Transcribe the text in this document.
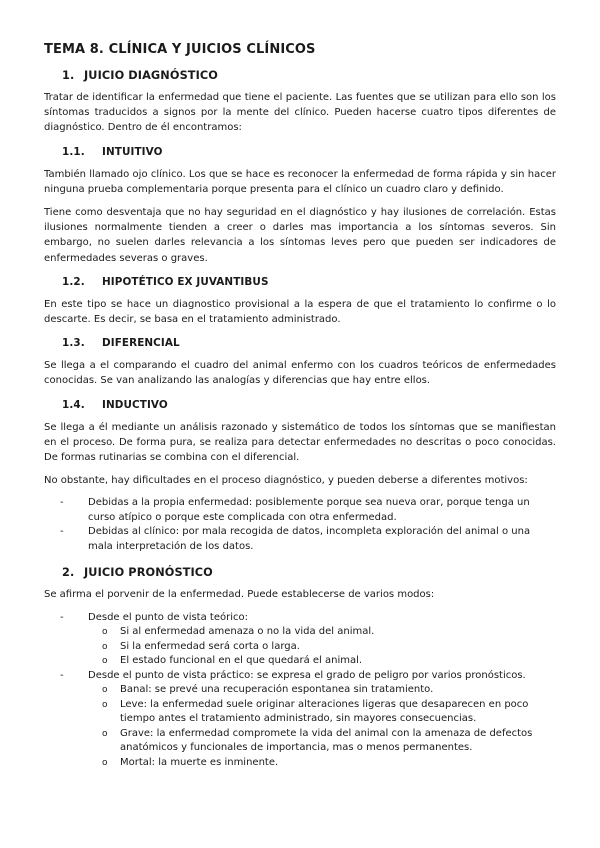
TEMA 8. CLÍNICA Y JUICIOS CLÍNICOS
1. JUICIO DIAGNÓSTICO

Tratar de identificar la enfermedad que tiene el paciente. Las fuentes que se utilizan para ello son los síntomas traducidos a signos por la mente del clínico. Pueden hacerse cuatro tipos diferentes de diagnóstico. Dentro de él encontramos:

1.1. INTUITIVO

También llamado ojo clínico. Los que se hace es reconocer la enfermedad de forma rápida y sin hacer ninguna prueba complementaria porque presenta para el clínico un cuadro claro y definido.

Tiene como desventaja que no hay seguridad en el diagnóstico y hay ilusiones de correlación. Estas ilusiones normalmente tienden a creer o darles mas importancia a los síntomas severos. Sin embargo, no suelen darles relevancia a los síntomas leves pero que pueden ser indicadores de enfermedades severas o graves.

1.2. HIPOTÉTICO EX JUVANTIBUS

En este tipo se hace un diagnostico provisional a la espera de que el tratamiento lo confirme o lo descarte. Es decir, se basa en el tratamiento administrado.

1.3. DIFERENCIAL

Se llega a el comparando el cuadro del animal enfermo con los cuadros teóricos de enfermedades conocidas. Se van analizando las analogías y diferencias que hay entre ellos.

1.4. INDUCTIVO

Se llega a él mediante un análisis razonado y sistemático de todos los síntomas que se manifiestan en el proceso. De forma pura, se realiza para detectar enfermedades no descritas o poco conocidas. De formas rutinarias se combina con el diferencial.

No obstante, hay dificultades en el proceso diagnóstico, y pueden deberse a diferentes motivos:

- Debidas a la propia enfermedad: posiblemente porque sea nueva orar, porque tenga un curso atípico o porque este complicada con otra enfermedad.
- Debidas al clínico: por mala recogida de datos, incompleta exploración del animal o una mala interpretación de los datos.
2. JUICIO PRONÓSTICO

Se afirma el porvenir de la enfermedad. Puede establecerse de varios modos:

- Desde el punto de vista teórico:
o Si al enfermedad amenaza o no la vida del animal.
o Si la enfermedad será corta o larga.
o El estado funcional en el que quedará el animal.
- Desde el punto de vista práctico: se expresa el grado de peligro por varios pronósticos.
o Banal: se prevé una recuperación espontanea sin tratamiento.
o Leve: la enfermedad suele originar alteraciones ligeras que desaparecen en poco tiempo antes el tratamiento administrado, sin mayores consecuencias.
o Grave: la enfermedad compromete la vida del animal con la amenaza de defectos anatómicos y funcionales de importancia, mas o menos permanentes.
o Mortal: la muerte es inminente.
